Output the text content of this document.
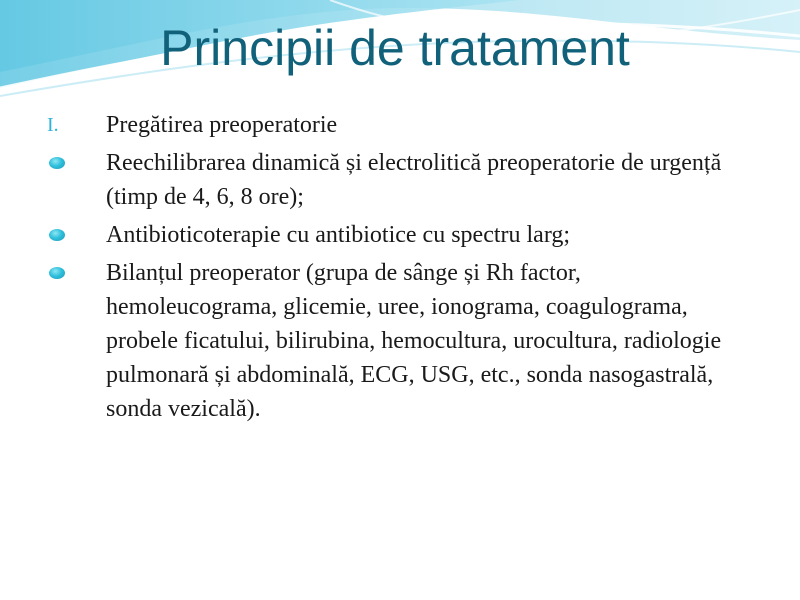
Principii de tratament
I. Pregătirea preoperatorie
Reechilibrarea dinamică și electrolitică preoperatorie de urgență (timp de 4, 6, 8 ore);
Antibioticoterapie cu antibiotice cu spectru larg;
Bilanțul preoperator (grupa de sânge și Rh factor, hemoleucograma, glicemie, uree, ionograma, coagulograma, probele ficatului, bilirubina, hemocultura, urocultura, radiologie pulmonară și abdominală, ECG, USG, etc., sonda nasogastrală, sonda vezicală).
